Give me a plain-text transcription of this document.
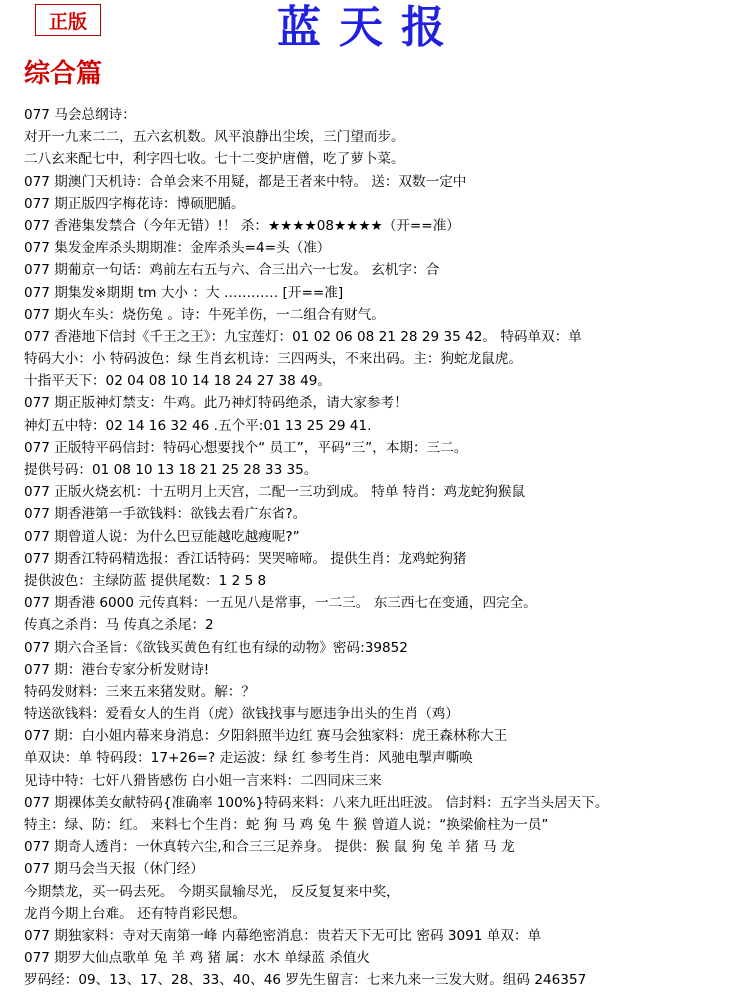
正版	蓝天报
综合篇
077 马会总纲诗：
对开一九来二二，五六玄机数。风平浪静出尘埃，三门望而步。
二八玄来配七中，利字四七收。七十二变护唐僧，吃了萝卜菜。
077 期澳门天机诗：合单会来不用疑，都是王者来中特。 送：双数一定中
077 期正版四字梅花诗：博硕肥腯。
077 香港集发禁合（今年无错）!！ 杀：★★★★08★★★★（开==准）
077 集发金库杀头期期准：金库杀头=4=头（准）
077 期葡京一句话：鸡前左右五与六、合三出六一七发。 玄机字：合
077 期集发※期期 tm 大小 ：大 ………… [开==准]
077 期火车头：烧伤兔 。诗：牛死羊伤，一二组合有财气。
077 香港地下信封《千王之王》：九宝莲灯：01 02 06 08 21 28 29 35 42。 特码单双：单
特码大小：小 特码波色：绿 生肖玄机诗：三四两头，不来出码。主：狗蛇龙鼠虎。
十指平天下：02 04 08 10 14 18 24 27 38 49。
077 期正版神灯禁支：牛鸡。此乃神灯特码绝杀，请大家参考！
神灯五中特：02 14 16 32 46 .五个平:01 13 25 29 41.
077 正版特平码信封：特码心想要找个“ 员工”，平码“三”，本期：三二。
提供号码：01 08 10 13 18 21 25 28 33 35。
077 正版火烧玄机：十五明月上天宫，二配一三功到成。 特单 特肖：鸡龙蛇狗猴鼠
077 期香港第一手欲钱料：欲钱去看广东省?。
077 期曾道人说：为什么巴豆能越吃越瘦呢?”
077 期香江特码精选报：香江话特码：哭哭啼啼。 提供生肖：龙鸡蛇狗猪
提供波色：主绿防蓝 提供尾数：1 2 5 8
077 期香港 6000 元传真料：一五见八是常事，一二三。 东三西七在变通，四完全。
传真之杀肖：马 传真之杀尾：2
077 期六合圣旨：《欲钱买黄色有红也有绿的动物》密码:39852
077 期：港台专家分析发财诗!
特码发财料：三来五来猪发财。解：？
特送欲钱料：爱看女人的生肖（虎）欲钱找事与愿违争出头的生肖（鸡）
077 期：白小姐内幕来身消息：夕阳斜照半边红 赛马会独家料：虎王森林称大王
单双诀：单 特码段：17+26=? 走运波：绿 红 参考生肖：风驰电掣声嘶唤
见诗中特：七奸八猾皆感伤 白小姐一言来料：二四同床三来
077 期裸体美女献特码{准确率 100%}特码来料：八来九旺出旺波。 信封料：五字当头居天下。
特主：绿、防：红。 来料七个生肖：蛇 狗 马 鸡 兔 牛 猴 曾道人说：“换梁偷柱为一员”
077 期奇人透肖：一休真转六尘,和合三三足养身。 提供：猴 鼠 狗 兔 羊 猪 马 龙
077 期马会当天报（休门经）
今期禁龙，买一码去死。 今期买鼠输尽光， 反反复复来中奖，
龙肖今期上台难。 还有特肖彩民想。
077 期独家料：寺对天南第一峰 内幕绝密消息：贵若天下无可比 密码 3091 单双：单
077 期罗大仙点歌单 兔 羊 鸡 猪 属：水木 单绿蓝 杀值火
罗码经：09、13、17、28、33、40、46 罗先生留言：七来九来一三发大财。组码 246357
